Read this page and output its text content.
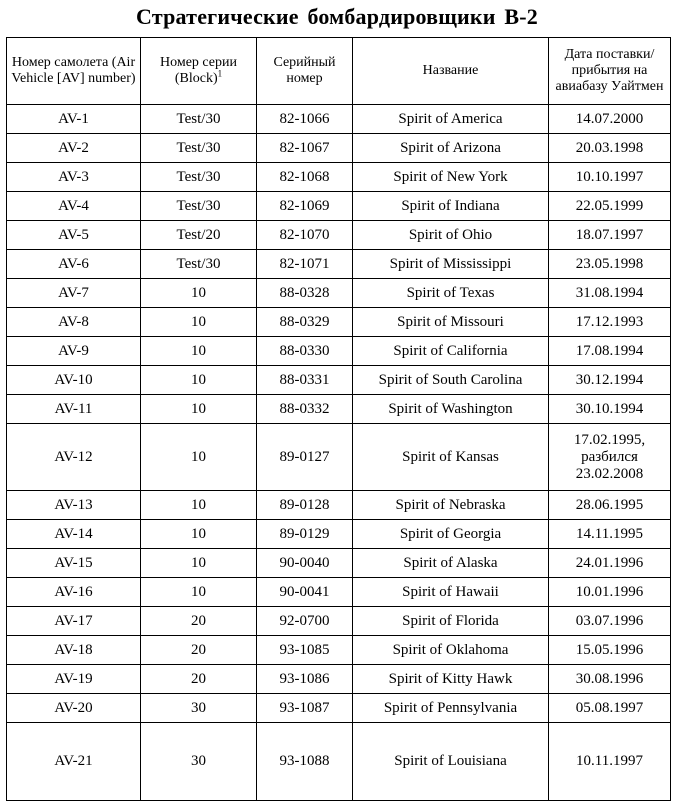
Стратегические бомбардировщики В-2
Номер самолета (Air Vehicle [AV] number)	Номер серии (Block)$^1$	Серийный номер	Название	Дата поставки/ прибытия на авиабазу Уайтмен
AV-1	Test/30	82-1066	Spirit of America	14.07.2000
AV-2	Test/30	82-1067	Spirit of Arizona	20.03.1998
AV-3	Test/30	82-1068	Spirit of New York	10.10.1997
AV-4	Test/30	82-1069	Spirit of Indiana	22.05.1999
AV-5	Test/20	82-1070	Spirit of Ohio	18.07.1997
AV-6	Test/30	82-1071	Spirit of Mississippi	23.05.1998
AV-7	10	88-0328	Spirit of Texas	31.08.1994
AV-8	10	88-0329	Spirit of Missouri	17.12.1993
AV-9	10	88-0330	Spirit of California	17.08.1994
AV-10	10	88-0331	Spirit of South Carolina	30.12.1994
AV-11	10	88-0332	Spirit of Washington	30.10.1994
AV-12	10	89-0127	Spirit of Kansas	17.02.1995,
разбился
23.02.2008
AV-13	10	89-0128	Spirit of Nebraska	28.06.1995
AV-14	10	89-0129	Spirit of Georgia	14.11.1995
AV-15	10	90-0040	Spirit of Alaska	24.01.1996
AV-16	10	90-0041	Spirit of Hawaii	10.01.1996
AV-17	20	92-0700	Spirit of Florida	03.07.1996
AV-18	20	93-1085	Spirit of Oklahoma	15.05.1996
AV-19	20	93-1086	Spirit of Kitty Hawk	30.08.1996
AV-20	30	93-1087	Spirit of Pennsylvania	05.08.1997
AV-21	30	93-1088	Spirit of Louisiana	10.11.1997
